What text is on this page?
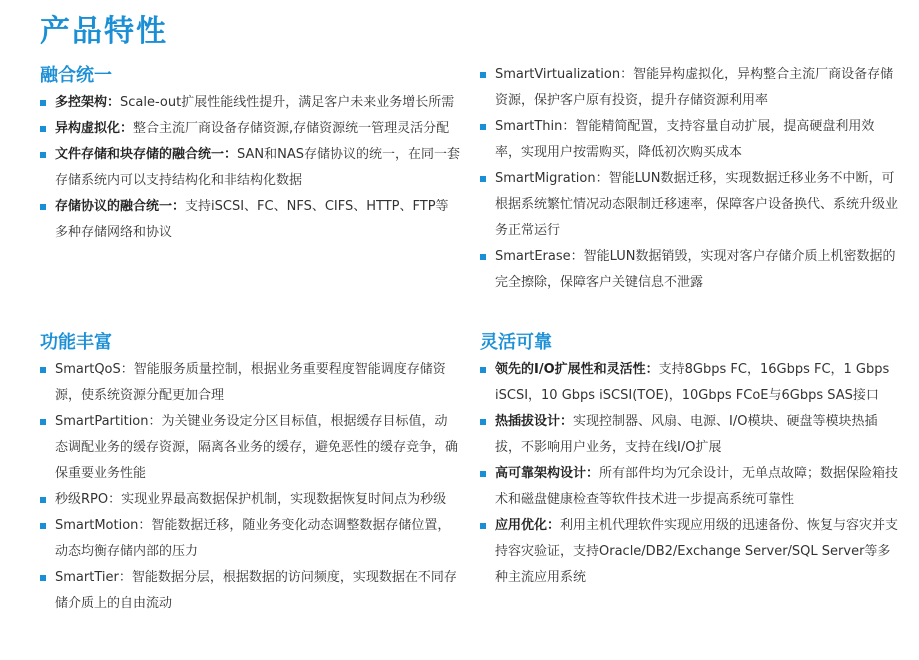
产品特性
融合统一
多控架构：Scale-out扩展性能线性提升，满足客户未来业务增长所需
异构虚拟化：整合主流厂商设备存储资源,存储资源统一管理灵活分配
文件存储和块存储的融合统一：SAN和NAS存储协议的统一，在同一套存储系统内可以支持结构化和非结构化数据
存储协议的融合统一：支持iSCSI、FC、NFS、CIFS、HTTP、FTP等多种存储网络和协议
功能丰富
SmartQoS：智能服务质量控制，根据业务重要程度智能调度存储资源，使系统资源分配更加合理
SmartPartition：为关键业务设定分区目标值，根据缓存目标值，动态调配业务的缓存资源，隔离各业务的缓存，避免恶性的缓存竞争，确保重要业务性能
秒级RPO：实现业界最高数据保护机制，实现数据恢复时间点为秒级
SmartMotion：智能数据迁移，随业务变化动态调整数据存储位置，动态均衡存储内部的压力
SmartTier：智能数据分层，根据数据的访问频度，实现数据在不同存储介质上的自由流动
SmartVirtualization：智能异构虚拟化，异构整合主流厂商设备存储资源，保护客户原有投资，提升存储资源利用率
SmartThin：智能精简配置，支持容量自动扩展，提高硬盘利用效率，实现用户按需购买，降低初次购买成本
SmartMigration：智能LUN数据迁移，实现数据迁移业务不中断，可根据系统繁忙情况动态限制迁移速率，保障客户设备换代、系统升级业务正常运行
SmartErase：智能LUN数据销毁，实现对客户存储介质上机密数据的完全擦除，保障客户关键信息不泄露
灵活可靠
领先的I/O扩展性和灵活性：支持8Gbps FC，16Gbps FC，1 Gbps iSCSI，10 Gbps iSCSI(TOE)，10Gbps FCoE与6Gbps SAS接口
热插拔设计：实现控制器、风扇、电源、I/O模块、硬盘等模块热插拔，不影响用户业务，支持在线I/O扩展
高可靠架构设计：所有部件均为冗余设计，无单点故障；数据保险箱技术和磁盘健康检查等软件技术进一步提高系统可靠性
应用优化：利用主机代理软件实现应用级的迅速备份、恢复与容灾并支持容灾验证，支持Oracle/DB2/Exchange Server/SQL Server等多种主流应用系统
